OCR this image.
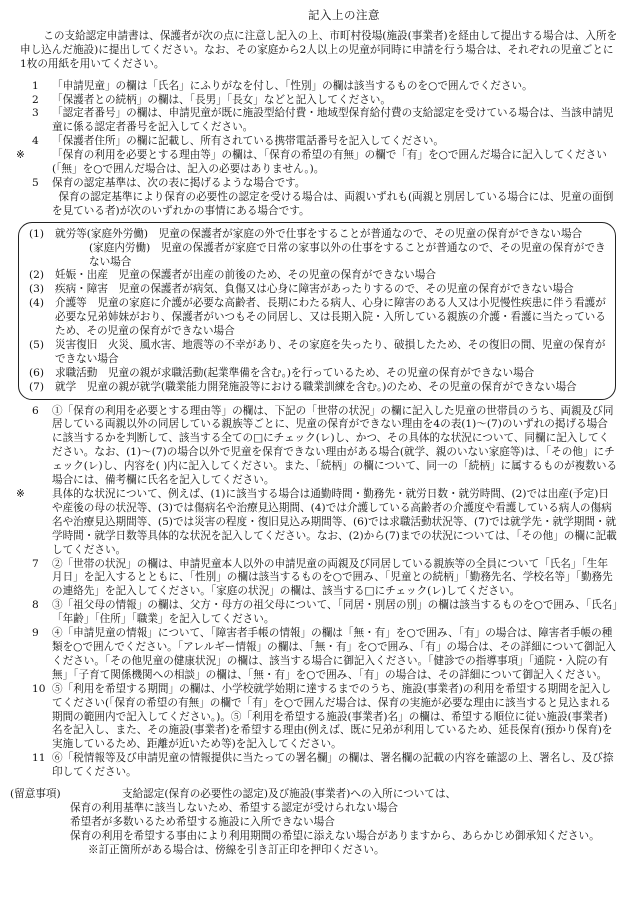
記入上の注意
この支給認定申請書は、保護者が次の点に注意し記入の上、市町村役場(施設(事業者)を経由して提出する場合は、入所を申し込んだ施設)に提出してください。なお、その家庭から2人以上の児童が同時に申請を行う場合は、それぞれの児童ごとに1枚の用紙を用いてください。
1	「申請児童」の欄は「氏名」にふりがなを付し、「性別」の欄は該当するものを○で囲んでください。
2	「保護者との続柄」の欄は、「長男」「長女」などと記入してください。
3	「認定者番号」の欄は、申請児童が既に施設型給付費・地域型保育給付費の支給認定を受けている場合は、当該申請児童に係る認定者番号を記入してください。
4	「保護者住所」の欄に記載し、所有されている携帯電話番号を記入してください。
※	「保育の利用を必要とする理由等」の欄は、「保育の希望の有無」の欄で「有」を○で囲んだ場合に記入してください(「無」を○で囲んだ場合は、記入の必要はありません。)。
5	保育の認定基準は、次の表に掲げるような場合です。
保育の認定基準により保育の必要性の認定を受ける場合は、両親いずれも(両親と別居している場合には、児童の面倒を見ている者)が次のいずれかの事情にある場合です。
(1)	就労等(家庭外労働)　児童の保護者が家庭の外で仕事をすることが普通なので、その児童の保育ができない場合
(家庭内労働)　児童の保護者が家庭で日常の家事以外の仕事をすることが普通なので、その児童の保育ができない場合
(2)	妊娠・出産　児童の保護者が出産の前後のため、その児童の保育ができない場合
(3)	疾病・障害　児童の保護者が病気、負傷又は心身に障害があったりするので、その児童の保育ができない場合
(4)	介護等　児童の家庭に介護が必要な高齢者、長期にわたる病人、心身に障害のある人又は小児慢性疾患に伴う看護が必要な兄弟姉妹がおり、保護者がいつもその同居し、又は長期入院・入所している親族の介護・看護に当たっているため、その児童の保育ができない場合
(5)	災害復旧　火災、風水害、地震等の不幸があり、その家庭を失ったり、破損したため、その復旧の間、児童の保育ができない場合
(6)	求職活動　児童の親が求職活動(起業準備を含む。)を行っているため、その児童の保育ができない場合
(7)	就学　児童の親が就学(職業能力開発施設等における職業訓練を含む。)のため、その児童の保育ができない場合
6	①「保育の利用を必要とする理由等」の欄は、下記の「世帯の状況」の欄に記入した児童の世帯員のうち、両親及び同居している両親以外の同居している親族等ごとに、児童の保育ができない理由を4の表(1)～(7)のいずれの掲げる場合に該当するかを判断して、該当する全ての□にチェック(レ)し、かつ、その具体的な状況について、同欄に記入してください。なお、(1)～(7)の場合以外で児童を保育できない理由がある場合(就学、親のいない家庭等)は、「その他」にチェック(レ)し、内容を( )内に記入してください。また、「続柄」の欄について、同一の「続柄」に属するものが複数いる場合には、備考欄に氏名を記入してください。
※	具体的な状況について、例えば、(1)に該当する場合は通勤時間・勤務先・就労日数・就労時間、(2)では出産(予定)日や産後の母の状況等、(3)では傷病名や治療見込期間、(4)では介護している高齢者の介護度や看護している病人の傷病名や治療見込期間等、(5)では災害の程度・復旧見込み期間等、(6)では求職活動状況等、(7)では就学先・就学期間・就学時間・就学日数等具体的な状況を記入してください。なお、(2)から(7)までの状況については、「その他」の欄に記載してください。
7	②「世帯の状況」の欄は、申請児童本人以外の申請児童の両親及び同居している親族等の全員について「氏名」「生年月日」を記入するとともに、「性別」の欄は該当するものを○で囲み、「児童との続柄」「勤務先名、学校名等」「勤務先の連絡先」を記入してください。「家庭の状況」の欄は、該当する□にチェック(レ)してください。
8	③「祖父母の情報」の欄は、父方・母方の祖父母について、「同居・別居の別」の欄は該当するものを○で囲み、「氏名」「年齢」「住所」「職業」を記入してください。
9	④「申請児童の情報」について、「障害者手帳の情報」の欄は「無・有」を○で囲み、「有」の場合は、障害者手帳の種類を○で囲んでください。「アレルギー情報」の欄は、「無・有」を○で囲み、「有」の場合は、その詳細について御記入ください。「その他児童の健康状況」の欄は、該当する場合に御記入ください。「健診での指導事項」「通院・入院の有無」「子育て関係機関への相談」の欄は、「無・有」を○で囲み、「有」の場合は、その詳細について御記入ください。
10 ⑤「利用を希望する期間」の欄は、小学校就学始期に達するまでのうち、施設(事業者)の利用を希望する期間を記入してください(「保育の希望の有無」の欄で「有」を○で囲んだ場合は、保育の実施が必要な理由に該当すると見込まれる期間の範囲内で記入してください。)。⑤「利用を希望する施設(事業者)名」の欄は、希望する順位に従い施設(事業者)名を記入し、また、その施設(事業者)を希望する理由(例えば、既に兄弟が利用しているため、延長保育(預かり保育)を実施しているため、距離が近いため等)を記入してください。
11 ⑥「税情報等及び申請児童の情報提供に当たっての署名欄」の欄は、署名欄の記載の内容を確認の上、署名し、及び捺印してください。
(留意事項)	支給認定(保育の必要性の認定)及び施設(事業者)への入所については、
保育の利用基準に該当しないため、希望する認定が受けられない場合
希望者が多数いるため希望する施設に入所できない場合
保育の利用を希望する事由により利用期間の希望に添えない場合がありますから、あらかじめ御承知ください。
※訂正箇所がある場合は、傍線を引き訂正印を押印ください。
